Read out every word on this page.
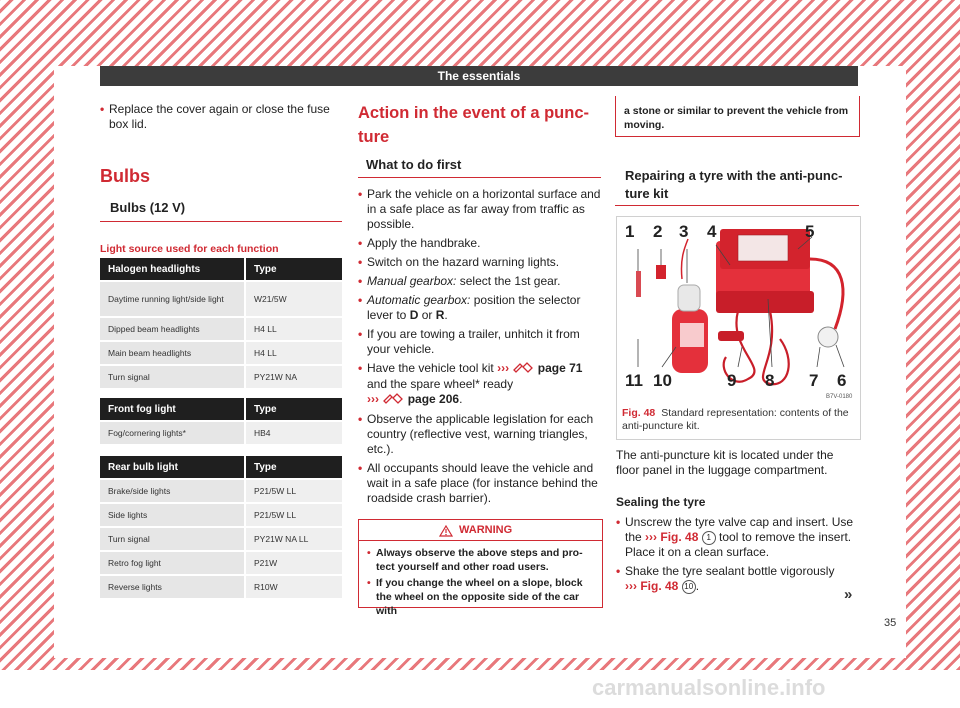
The essentials

• Replace the cover again or close the fuse box lid.

Bulbs
Bulbs (12 V)
Light source used for each function
Halogen headlights	Type
Daytime running light/side light	W21/5W
Dipped beam headlights	H4 LL
Main beam headlights	H4 LL
Turn signal	PY21W NA
Front fog light	Type
Fog/cornering lights*	HB4
Rear bulb light	Type
Brake/side lights	P21/5W LL
Side lights	P21/5W LL
Turn signal	PY21W NA LL
Retro fog light	P21W
Reverse lights	R10W
Action in the event of a punc-
ture
What to do first

• Park the vehicle on a horizontal surface and in a safe place as far away from traffic as possible.

• Apply the handbrake.

• Switch on the hazard warning lights.

• Manual gearbox: select the 1st gear.

• Automatic gearbox: position the selector lever to D or R.

• If you are towing a trailer, unhitch it from your vehicle.

• Have the vehicle tool kit ››› page 71
and the spare wheel* ready
››› page 206.

• Observe the applicable legislation for each country (reflective vest, warning triangles, etc.).

• All occupants should leave the vehicle and wait in a safe place (for instance behind the roadside crash barrier).

WARNING

• Always observe the above steps and pro-tect yourself and other road users.

• If you change the wheel on a slope, block the wheel on the opposite side of the car with

a stone or similar to prevent the vehicle from moving.

Repairing a tyre with the anti-punc-
ture kit
1 2 3 4	5
11 10	9 8 7 6
B7V-0180
Fig. 48 Standard representation: contents of the anti-puncture kit.

The anti-puncture kit is located under the floor panel in the luggage compartment.

Sealing the tyre

• Unscrew the tyre valve cap and insert. Use the ››› Fig. 48 1 tool to remove the insert. Place it on a clean surface.

• Shake the tyre sealant bottle vigorously
››› Fig. 48 10 .	»
35
carmanualsonline.info
